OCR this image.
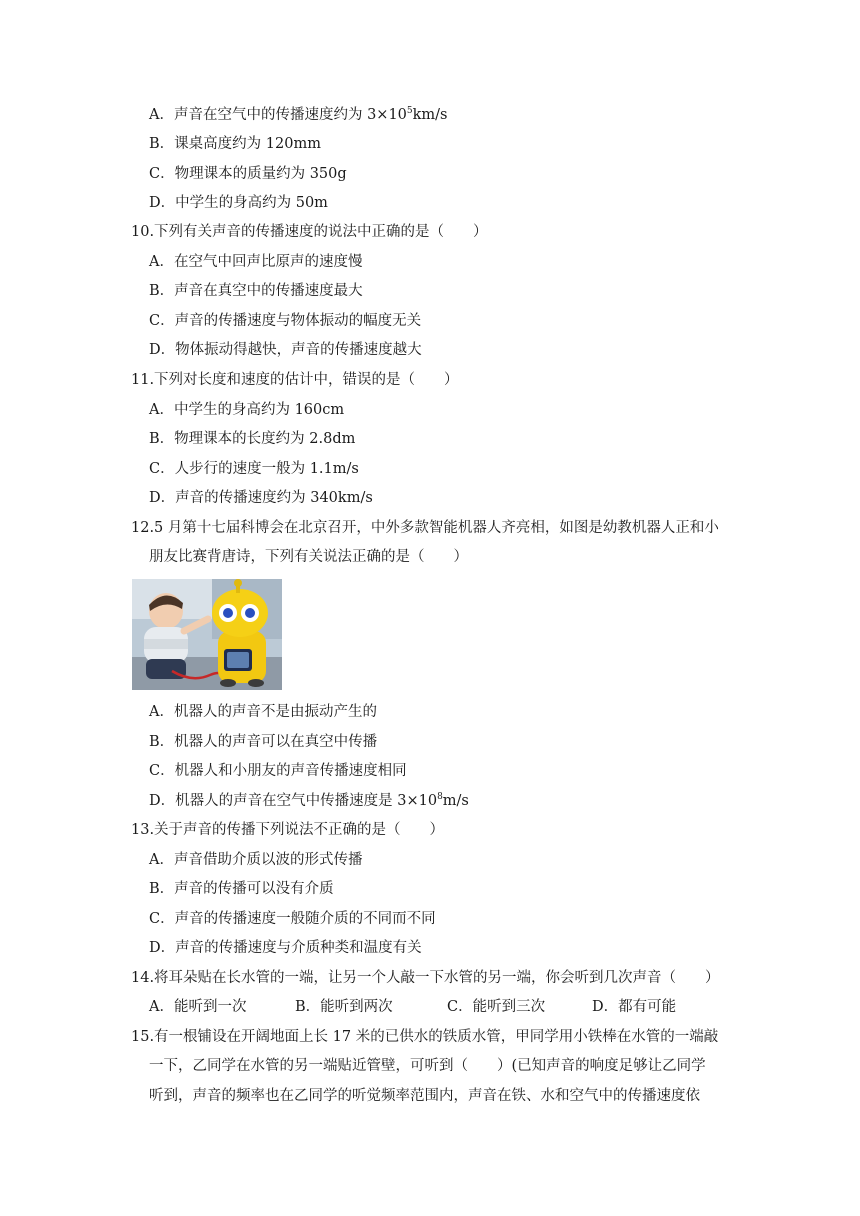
A．声音在空气中的传播速度约为 $3\times 10^5km/s$
B．课桌高度约为 120mm
C．物理课本的质量约为 350g
D．中学生的身高约为 50m
10.下列有关声音的传播速度的说法中正确的是（　　）
A．在空气中回声比原声的速度慢
B．声音在真空中的传播速度最大
C．声音的传播速度与物体振动的幅度无关
D．物体振动得越快，声音的传播速度越大
11.下列对长度和速度的估计中，错误的是（　　）
A．中学生的身高约为 160cm
B．物理课本的长度约为 2.8dm
C．人步行的速度一般为 1.1m/s
D．声音的传播速度约为 340km/s
12.5 月第十七届科博会在北京召开，中外多款智能机器人齐亮相，如图是幼教机器人正和小
朋友比赛背唐诗，下列有关说法正确的是（　　）
A．机器人的声音不是由振动产生的
B．机器人的声音可以在真空中传播
C．机器人和小朋友的声音传播速度相同
D．机器人的声音在空气中传播速度是 $3\times 10^8m/s$
13.关于声音的传播下列说法不正确的是（　　）
A．声音借助介质以波的形式传播
B．声音的传播可以没有介质
C．声音的传播速度一般随介质的不同而不同
D．声音的传播速度与介质种类和温度有关
14.将耳朵贴在长水管的一端，让另一个人敲一下水管的另一端，你会听到几次声音（　　）
A．能听到一次	B．能听到两次	C．能听到三次	D．都有可能
15.有一根铺设在开阔地面上长 17 米的已供水的铁质水管，甲同学用小铁棒在水管的一端敲
一下，乙同学在水管的另一端贴近管壁，可听到（　　）(已知声音的响度足够让乙同学
听到，声音的频率也在乙同学的听觉频率范围内，声音在铁、水和空气中的传播速度依
